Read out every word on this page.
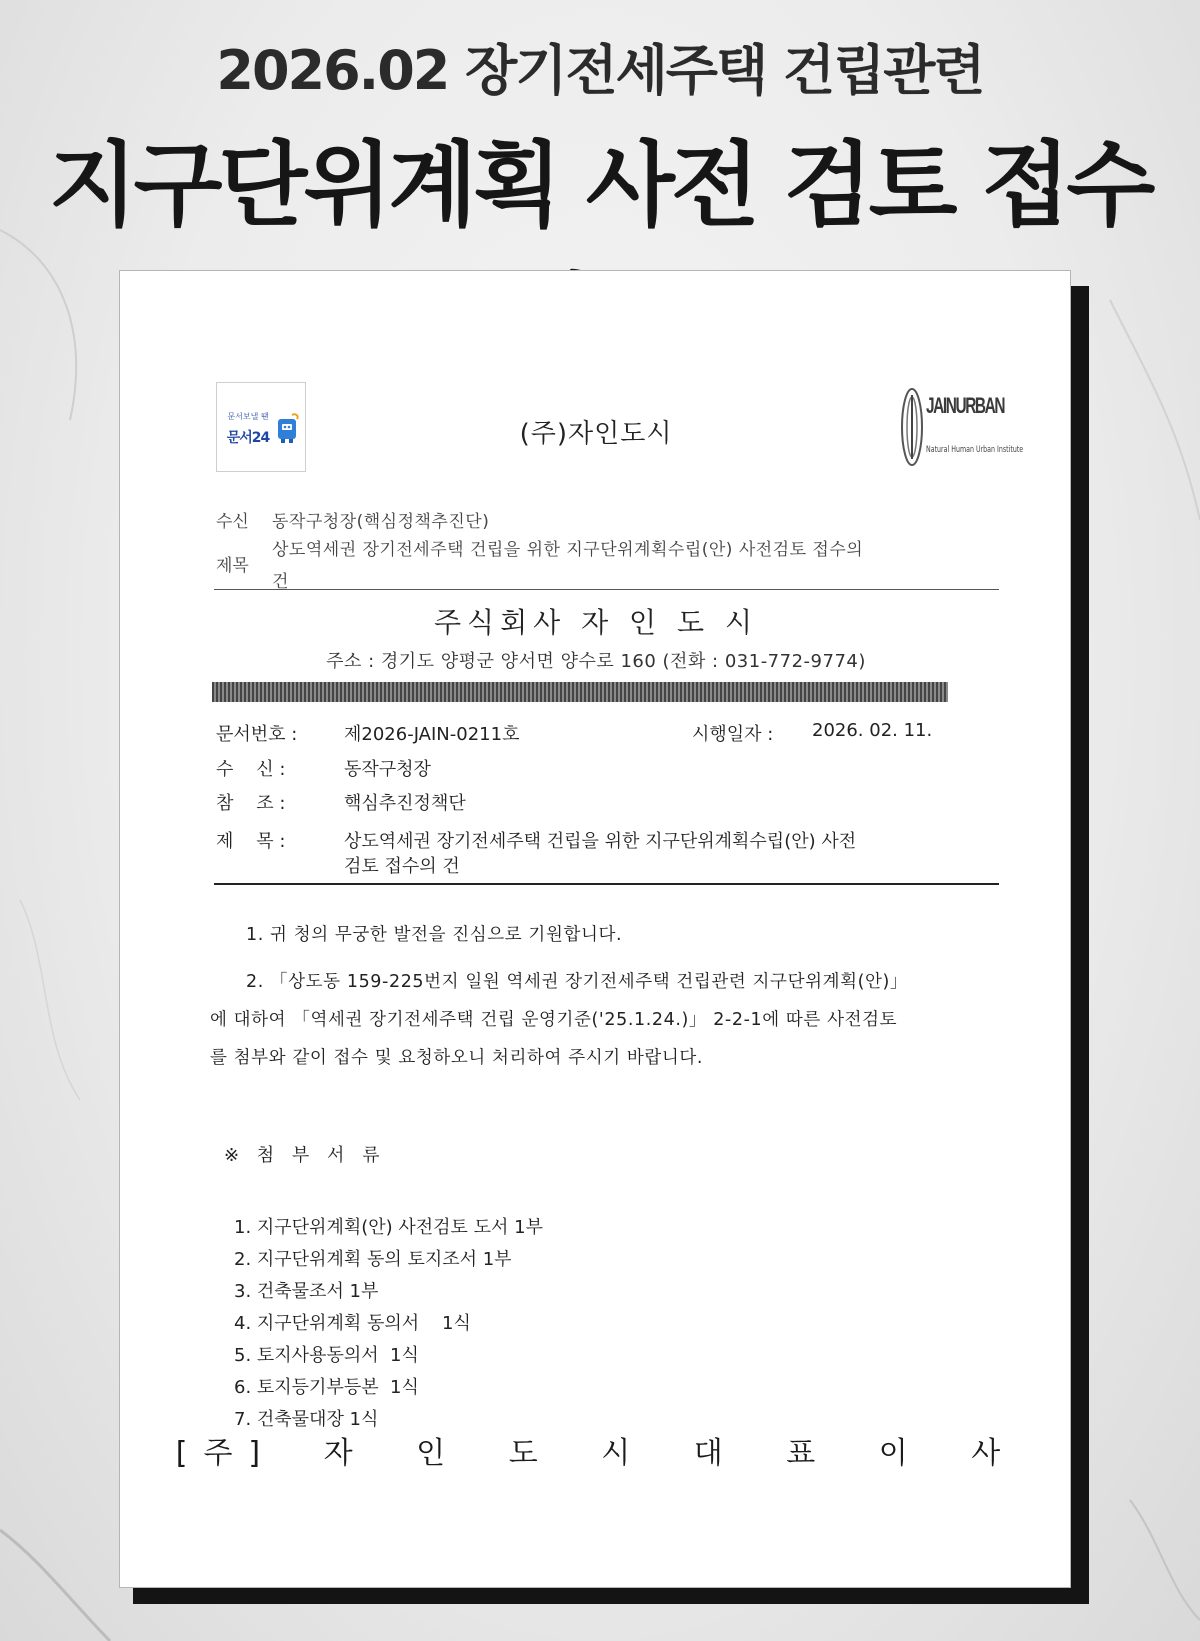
2026.02 장기전세주택 건립관련
지구단위계획 사전 검토 접수
문서보낼 땐
문서24	(주)자인도시

JAINURBAN
Natural Human Urban Institute
수신 동작구청장(핵심정책추진단)
제목
상도역세권 장기전세주택 건립을 위한 지구단위계획수립(안) 사전검토 접수의
건

주식회사 자 인 도 시

주소 : 경기도 양평군 양서면 양수로 160 (전화 : 031-772-9774)

문서번호 :	제2026-JAIN-0211호	시행일자 : 2026. 02. 11.
수    신 :	동작구청장
참    조 :	핵심추진정책단
제    목 :	상도역세권 장기전세주택 건립을 위한 지구단위계획수립(안) 사전
검토 접수의 건
1. 귀 청의 무궁한 발전을 진심으로 기원합니다.
2. 「상도동 159-225번지 일원 역세권 장기전세주택 건립관련 지구단위계획(안)」
에 대하여 「역세권 장기전세주택 건립 운영기준('25.1.24.)」 2-2-1에 따른 사전검토
를 첨부와 같이 접수 및 요청하오니 처리하여 주시기 바랍니다.
※ 첨 부 서 류
1. 지구단위계획(안) 사전검토 도서 1부
2. 지구단위계획 동의 토지조서 1부
3. 건축물조서 1부
4. 지구단위계획 동의서    1식
5. 토지사용동의서  1식
6. 토지등기부등본  1식
7. 건축물대장 1식

[주] 자 인 도 시 대 표 이 사
